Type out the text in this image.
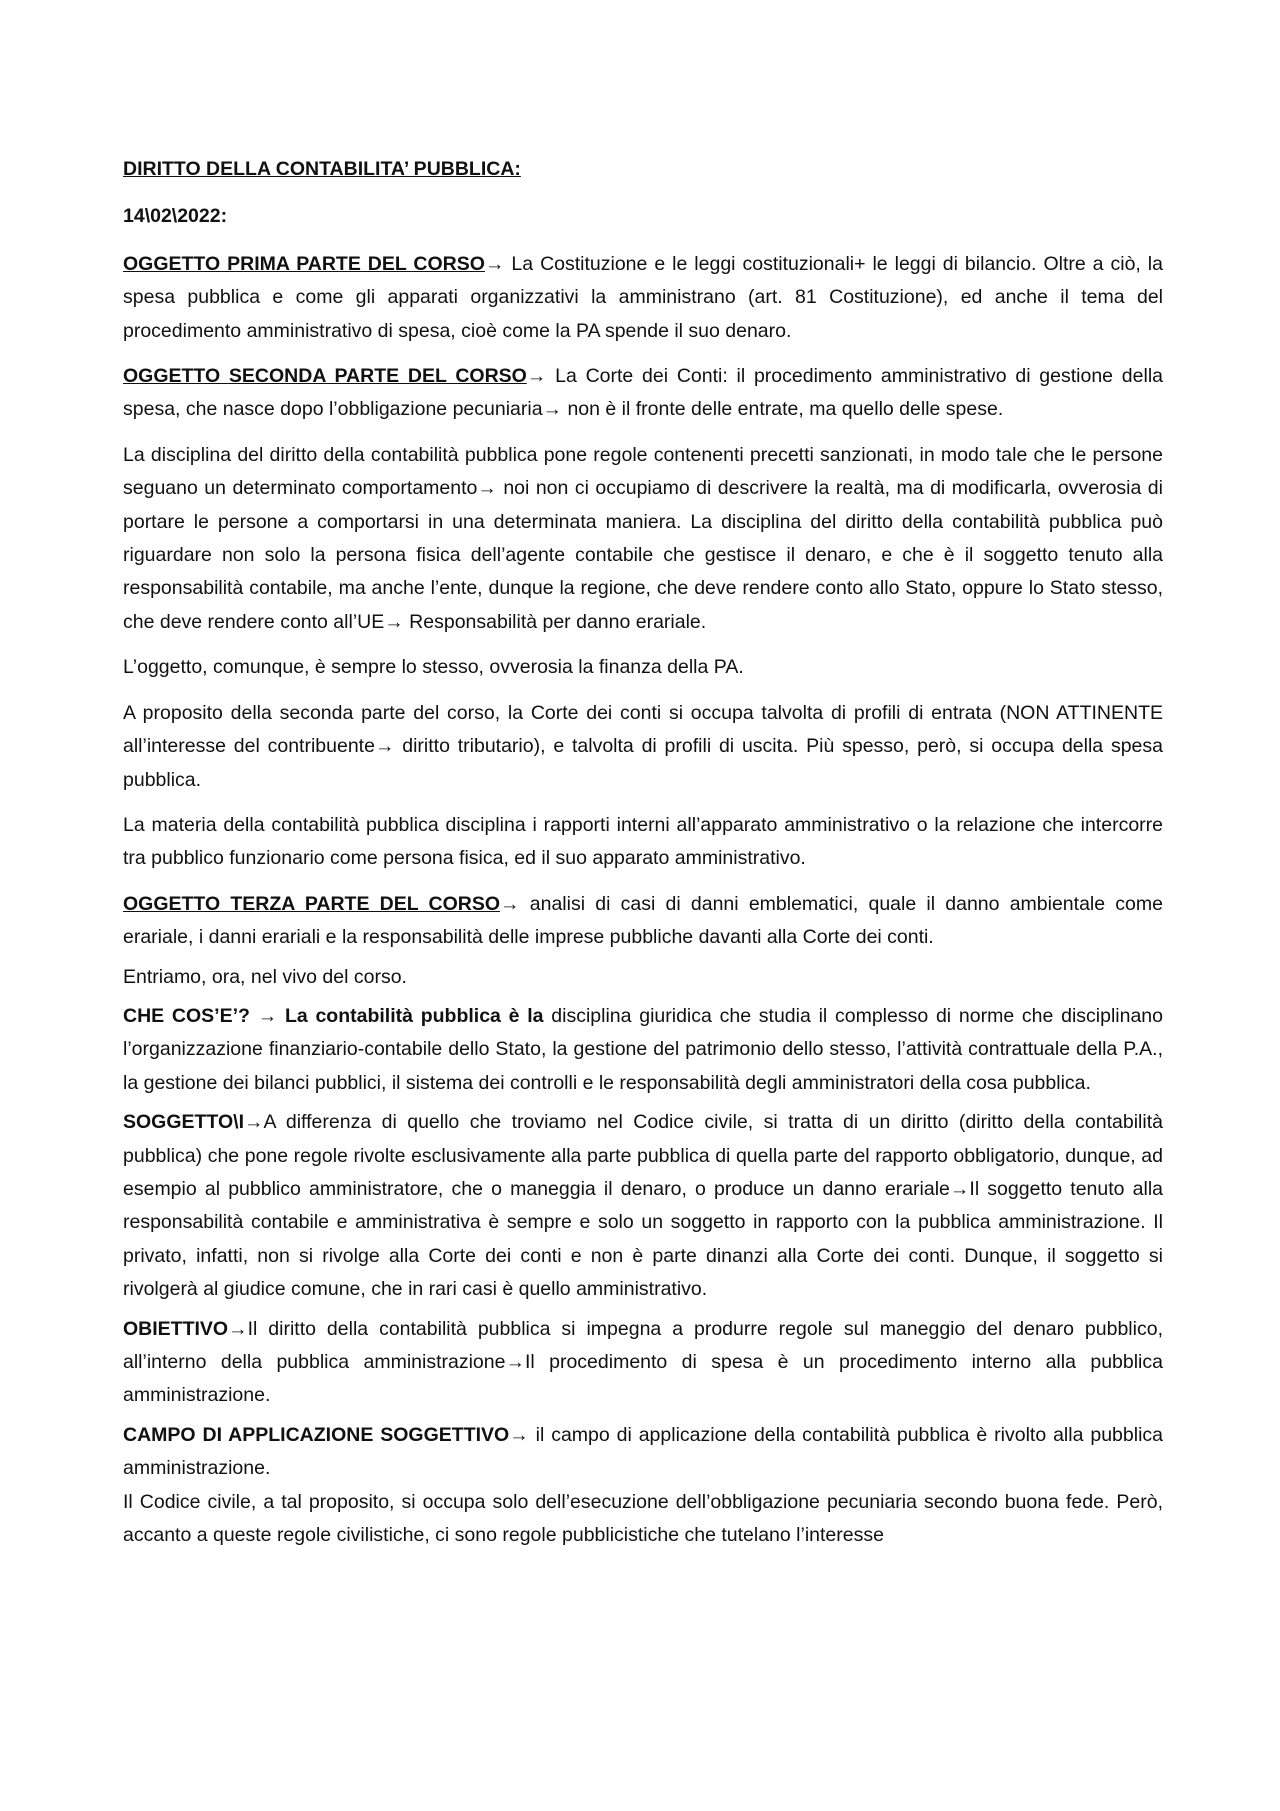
DIRITTO DELLA CONTABILITA’ PUBBLICA:

14\02\2022:

OGGETTO PRIMA PARTE DEL CORSO→ La Costituzione e le leggi costituzionali+ le leggi di bilancio. Oltre a ciò, la spesa pubblica e come gli apparati organizzativi la amministrano (art. 81 Costituzione), ed anche il tema del procedimento amministrativo di spesa, cioè come la PA spende il suo denaro.

OGGETTO SECONDA PARTE DEL CORSO→ La Corte dei Conti: il procedimento amministrativo di gestione della spesa, che nasce dopo l’obbligazione pecuniaria→ non è il fronte delle entrate, ma quello delle spese.

La disciplina del diritto della contabilità pubblica pone regole contenenti precetti sanzionati, in modo tale che le persone seguano un determinato comportamento→ noi non ci occupiamo di descrivere la realtà, ma di modificarla, ovverosia di portare le persone a comportarsi in una determinata maniera. La disciplina del diritto della contabilità pubblica può riguardare non solo la persona fisica dell’agente contabile che gestisce il denaro, e che è il soggetto tenuto alla responsabilità contabile, ma anche l’ente, dunque la regione, che deve rendere conto allo Stato, oppure lo Stato stesso, che deve rendere conto all’UE→ Responsabilità per danno erariale.

L’oggetto, comunque, è sempre lo stesso, ovverosia la finanza della PA.

A proposito della seconda parte del corso, la Corte dei conti si occupa talvolta di profili di entrata (NON ATTINENTE all’interesse del contribuente→ diritto tributario), e talvolta di profili di uscita. Più spesso, però, si occupa della spesa pubblica.

La materia della contabilità pubblica disciplina i rapporti interni all’apparato amministrativo o la relazione che intercorre tra pubblico funzionario come persona fisica, ed il suo apparato amministrativo.

OGGETTO TERZA PARTE DEL CORSO→ analisi di casi di danni emblematici, quale il danno ambientale come erariale, i danni erariali e la responsabilità delle imprese pubbliche davanti alla Corte dei conti.

Entriamo, ora, nel vivo del corso.

CHE COS’E’? → La contabilità pubblica è la disciplina giuridica che studia il complesso di norme che disciplinano l’organizzazione finanziario-contabile dello Stato, la gestione del patrimonio dello stesso, l’attività contrattuale della P.A., la gestione dei bilanci pubblici, il sistema dei controlli e le responsabilità degli amministratori della cosa pubblica.

SOGGETTO\I→A differenza di quello che troviamo nel Codice civile, si tratta di un diritto (diritto della contabilità pubblica) che pone regole rivolte esclusivamente alla parte pubblica di quella parte del rapporto obbligatorio, dunque, ad esempio al pubblico amministratore, che o maneggia il denaro, o produce un danno erariale→Il soggetto tenuto alla responsabilità contabile e amministrativa è sempre e solo un soggetto in rapporto con la pubblica amministrazione. Il privato, infatti, non si rivolge alla Corte dei conti e non è parte dinanzi alla Corte dei conti. Dunque, il soggetto si rivolgerà al giudice comune, che in rari casi è quello amministrativo.

OBIETTIVO→Il diritto della contabilità pubblica si impegna a produrre regole sul maneggio del denaro pubblico, all’interno della pubblica amministrazione→Il procedimento di spesa è un procedimento interno alla pubblica amministrazione.

CAMPO DI APPLICAZIONE SOGGETTIVO→ il campo di applicazione della contabilità pubblica è rivolto alla pubblica amministrazione.

Il Codice civile, a tal proposito, si occupa solo dell’esecuzione dell’obbligazione pecuniaria secondo buona fede. Però, accanto a queste regole civilistiche, ci sono regole pubblicistiche che tutelano l’interesse
